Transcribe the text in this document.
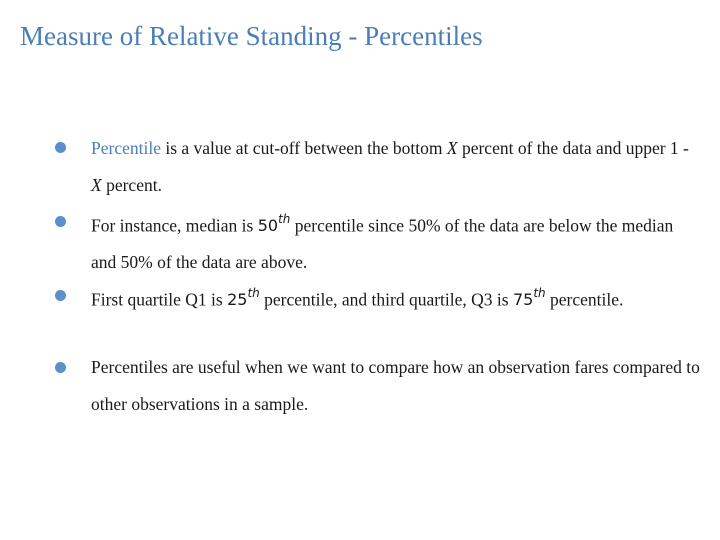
Measure of Relative Standing - Percentiles
Percentile is a value at cut-off between the bottom X percent of the data and upper 1 - X percent.
For instance, median is 50th percentile since 50% of the data are below the median and 50% of the data are above.
First quartile Q1 is 25th percentile, and third quartile, Q3 is 75th percentile.
Percentiles are useful when we want to compare how an observation fares compared to other observations in a sample.
